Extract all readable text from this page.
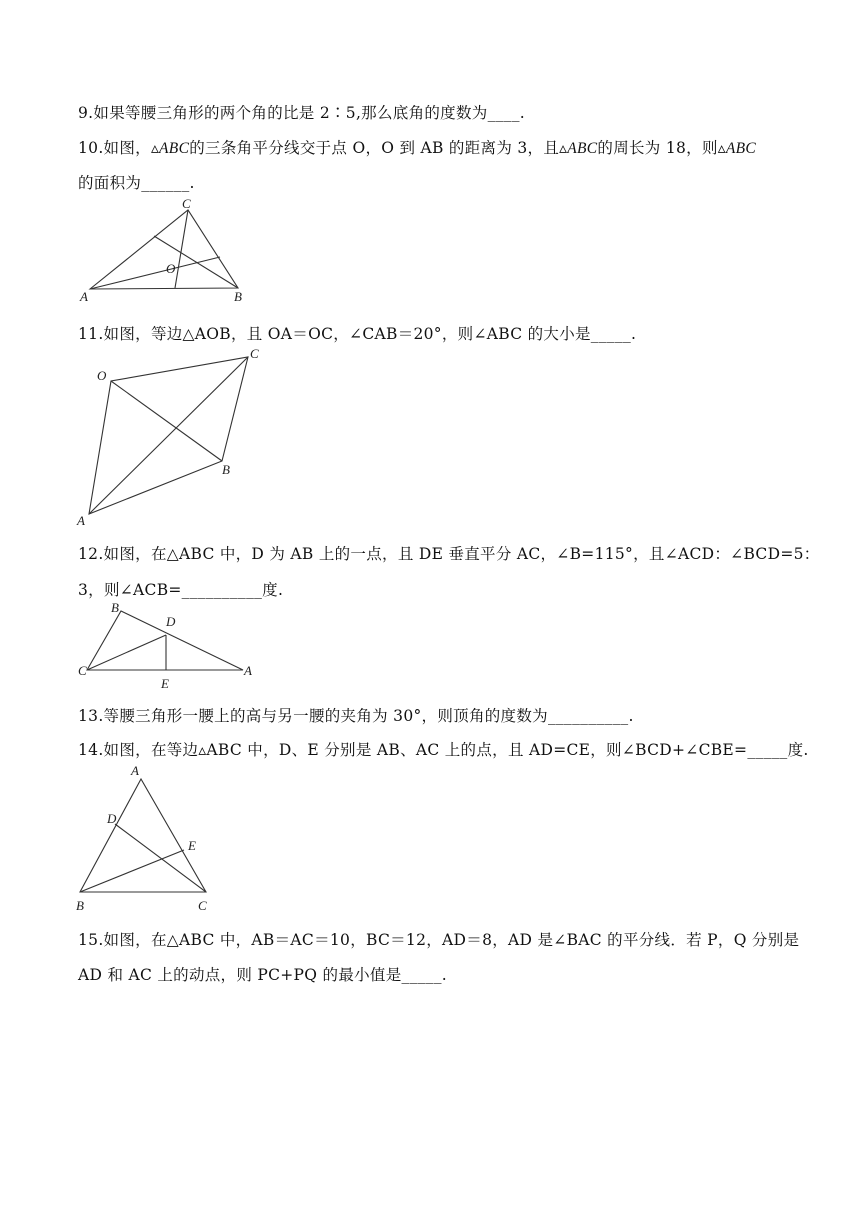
9.如果等腰三角形的两个角的比是 2∶5,那么底角的度数为____.
10.如图，▵ABC的三条角平分线交于点 O，O 到 AB 的距离为 3，且▵ABC的周长为 18，则▵ABC
的面积为______.
C
O
A	B
11.如图，等边△AOB，且 OA＝OC，∠CAB＝20°，则∠ABC 的大小是_____.
O
C
B
A
12.如图，在△ABC 中，D 为 AB 上的一点，且 DE 垂直平分 AC，∠B=115°，且∠ACD：∠BCD=5：
3，则∠ACB=__________度.
B
D
C
E
A
13.等腰三角形一腰上的高与另一腰的夹角为 30°，则顶角的度数为__________.
14.如图，在等边▵ABC 中，D、E 分别是 AB、AC 上的点，且 AD=CE，则∠BCD+∠CBE=_____度.
A
D
E
B	C
15.如图，在△ABC 中，AB＝AC＝10，BC＝12，AD＝8，AD 是∠BAC 的平分线．若 P，Q 分别是
AD 和 AC 上的动点，则 PC+PQ 的最小值是_____.
